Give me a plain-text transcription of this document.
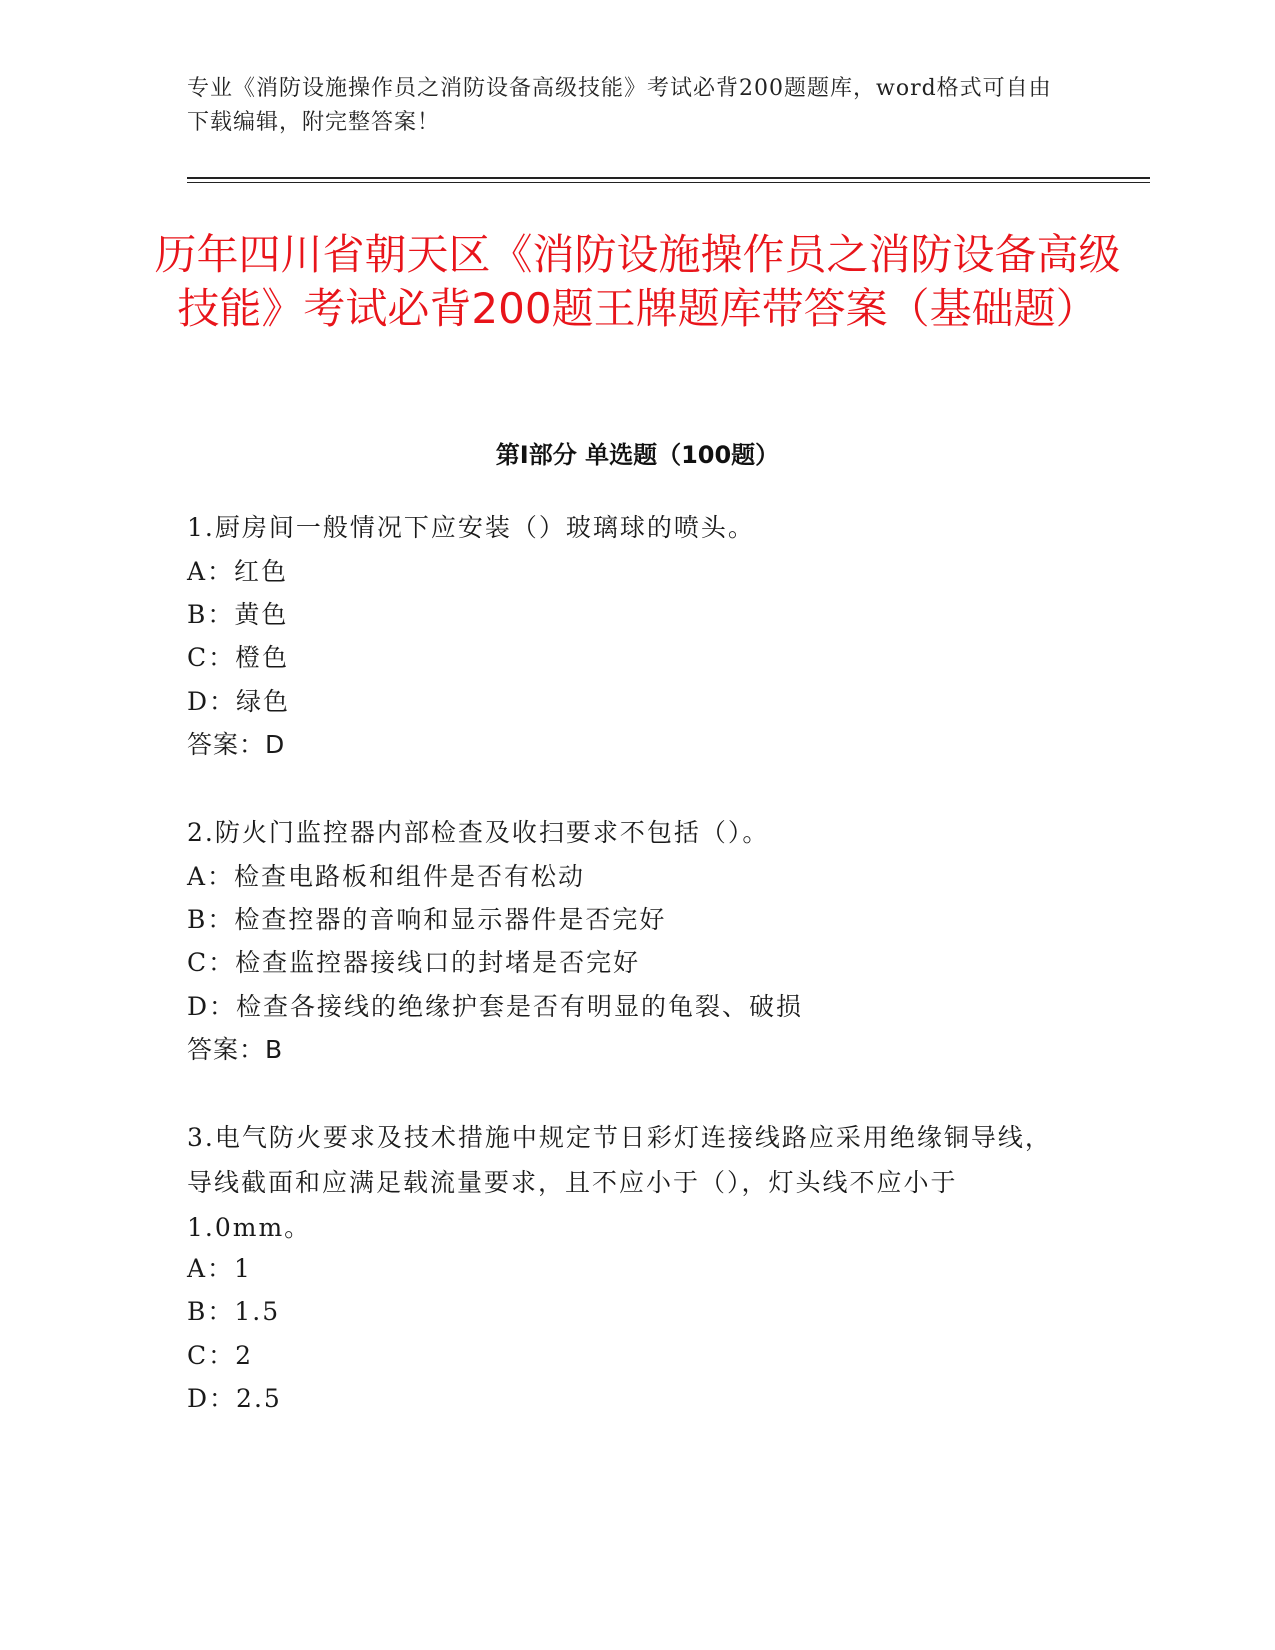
专业《消防设施操作员之消防设备高级技能》考试必背200题题库，word格式可自由下载编辑，附完整答案！
历年四川省朝天区《消防设施操作员之消防设备高级技能》考试必背200题王牌题库带答案（基础题）
第Ⅰ部分 单选题（100题）
1.厨房间一般情况下应安装（）玻璃球的喷头。
A：红色
B：黄色
C：橙色
D：绿色
答案：D
2.防火门监控器内部检查及收扫要求不包括（）。
A：检查电路板和组件是否有松动
B：检查控器的音响和显示器件是否完好
C：检查监控器接线口的封堵是否完好
D：检查各接线的绝缘护套是否有明显的龟裂、破损
答案：B
3.电气防火要求及技术措施中规定节日彩灯连接线路应采用绝缘铜导线，导线截面和应满足载流量要求，且不应小于（），灯头线不应小于1.0mm。
A：1
B：1.5
C：2
D：2.5
